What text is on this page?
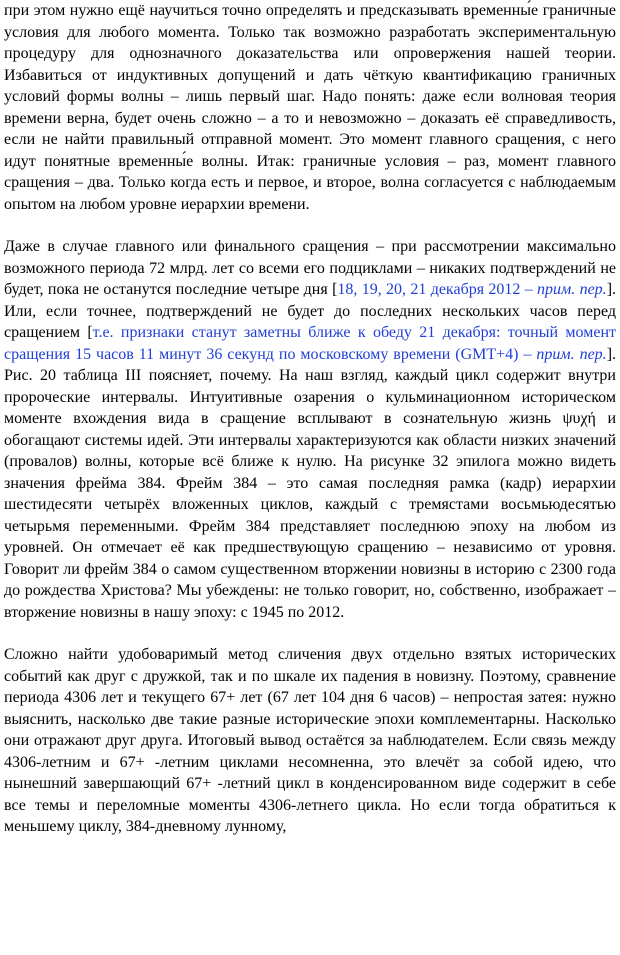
при этом нужно ещё научиться точно определять и предсказывать временны́е граничные условия для любого момента. Только так возможно разработать экспериментальную процедуру для однозначного доказательства или опровержения нашей теории. Избавиться от индуктивных допущений и дать чёткую квантификацию граничных условий формы волны – лишь первый шаг. Надо понять: даже если волновая теория времени верна, будет очень сложно – а то и невозможно – доказать её справедливость, если не найти правильный отправной момент. Это момент главного сращения, с него идут понятные временны́е волны. Итак: граничные условия – раз, момент главного сращения – два. Только когда есть и первое, и второе, волна согласуется с наблюдаемым опытом на любом уровне иерархии времени.

Даже в случае главного или финального сращения – при рассмотрении максимально возможного периода 72 млрд. лет со всеми его подциклами – никаких подтверждений не будет, пока не останутся последние четыре дня [18, 19, 20, 21 декабря 2012 – прим. пер.]. Или, если точнее, подтверждений не будет до последних нескольких часов перед сращением [т.е. признаки станут заметны ближе к обеду 21 декабря: точный момент сращения 15 часов 11 минут 36 секунд по московскому времени (GMT+4) – прим. пер.]. Рис. 20 таблица III поясняет, почему. На наш взгляд, каждый цикл содержит внутри пророческие интервалы. Интуитивные озарения о кульминационном историческом моменте вхождения вида в сращение всплывают в сознательную жизнь ψυχή и обогащают системы идей. Эти интервалы характеризуются как области низких значений (провалов) волны, которые всё ближе к нулю. На рисунке 32 эпилога можно видеть значения фрейма 384. Фрейм 384 – это самая последняя рамка (кадр) иерархии шестидесяти четырёх вложенных циклов, каждый с тремястами восьмьюдесятью четырьмя переменными. Фрейм 384 представляет последнюю эпоху на любом из уровней. Он отмечает её как предшествующую сращению – независимо от уровня. Говорит ли фрейм 384 о самом существенном вторжении новизны в историю с 2300 года до рождества Христова? Мы убеждены: не только говорит, но, собственно, изображает – вторжение новизны в нашу эпоху: с 1945 по 2012.

Сложно найти удобоваримый метод сличения двух отдельно взятых исторических событий как друг с дружкой, так и по шкале их падения в новизну. Поэтому, сравнение периода 4306 лет и текущего 67+ лет (67 лет 104 дня 6 часов) – непростая затея: нужно выяснить, насколько две такие разные исторические эпохи комплементарны. Насколько они отражают друг друга. Итоговый вывод остаётся за наблюдателем. Если связь между 4306-летним и 67+ -летним циклами несомненна, это влечёт за собой идею, что нынешний завершающий 67+ -летний цикл в конденсированном виде содержит в себе все темы и переломные моменты 4306-летнего цикла. Но если тогда обратиться к меньшему циклу, 384-дневному лунному,
